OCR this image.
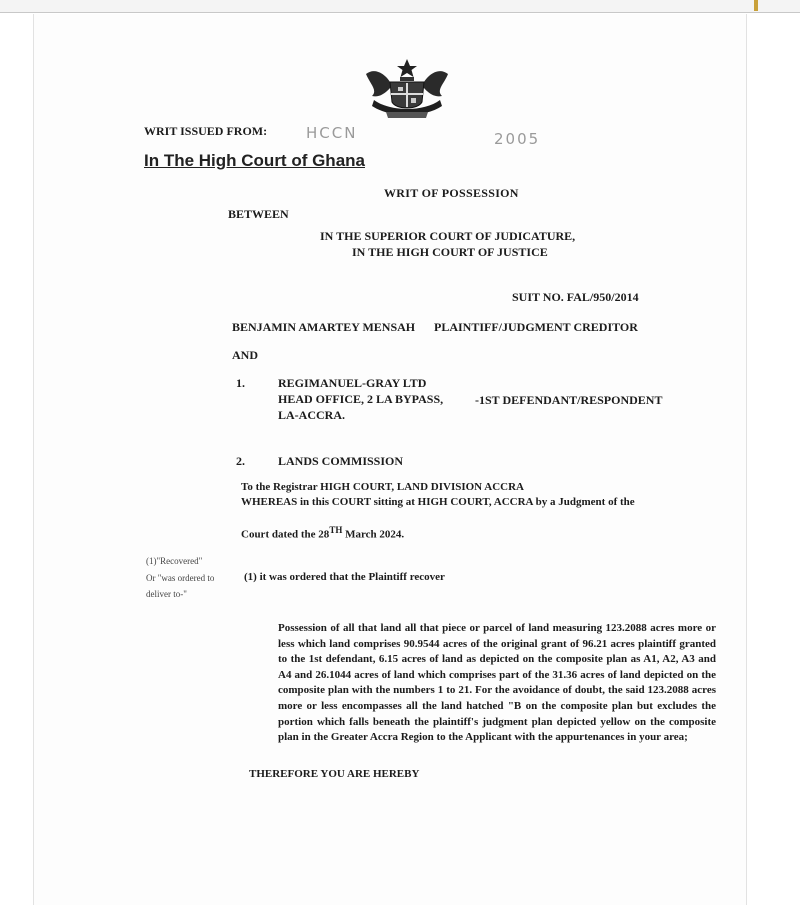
WRIT ISSUED FROM:	HCCN	2005
In The High Court of Ghana
WRIT OF POSSESSION
BETWEEN
IN THE SUPERIOR COURT OF JUDICATURE,
IN THE HIGH COURT OF JUSTICE
SUIT NO. FAL/950/2014
BENJAMIN AMARTEY MENSAH PLAINTIFF/JUDGMENT CREDITOR
AND
1.	REGIMANUEL-GRAY LTD
HEAD OFFICE, 2 LA BYPASS,
LA-ACCRA.
-1ST DEFENDANT/RESPONDENT
2.	LANDS COMMISSION
To the Registrar HIGH COURT, LAND DIVISION ACCRA
WHEREAS in this COURT sitting at HIGH COURT, ACCRA by a Judgment of the
Court dated the 28TH March 2024.
(1)"Recovered"
Or "was ordered to
deliver to-"
(1) it was ordered that the Plaintiff recover

Possession of all that land all that piece or parcel of land measuring 123.2088 acres more or less which land comprises 90.9544 acres of the original grant of 96.21 acres plaintiff granted to the 1st defendant, 6.15 acres of land as depicted on the composite plan as A1, A2, A3 and A4 and 26.1044 acres of land which comprises part of the 31.36 acres of land depicted on the composite plan with the numbers 1 to 21. For the avoidance of doubt, the said 123.2088 acres more or less encompasses all the land hatched "B on the composite plan but excludes the portion which falls beneath the plaintiff's judgment plan depicted yellow on the composite plan in the Greater Accra Region to the Applicant with the appurtenances in your area;

THEREFORE YOU ARE HEREBY
